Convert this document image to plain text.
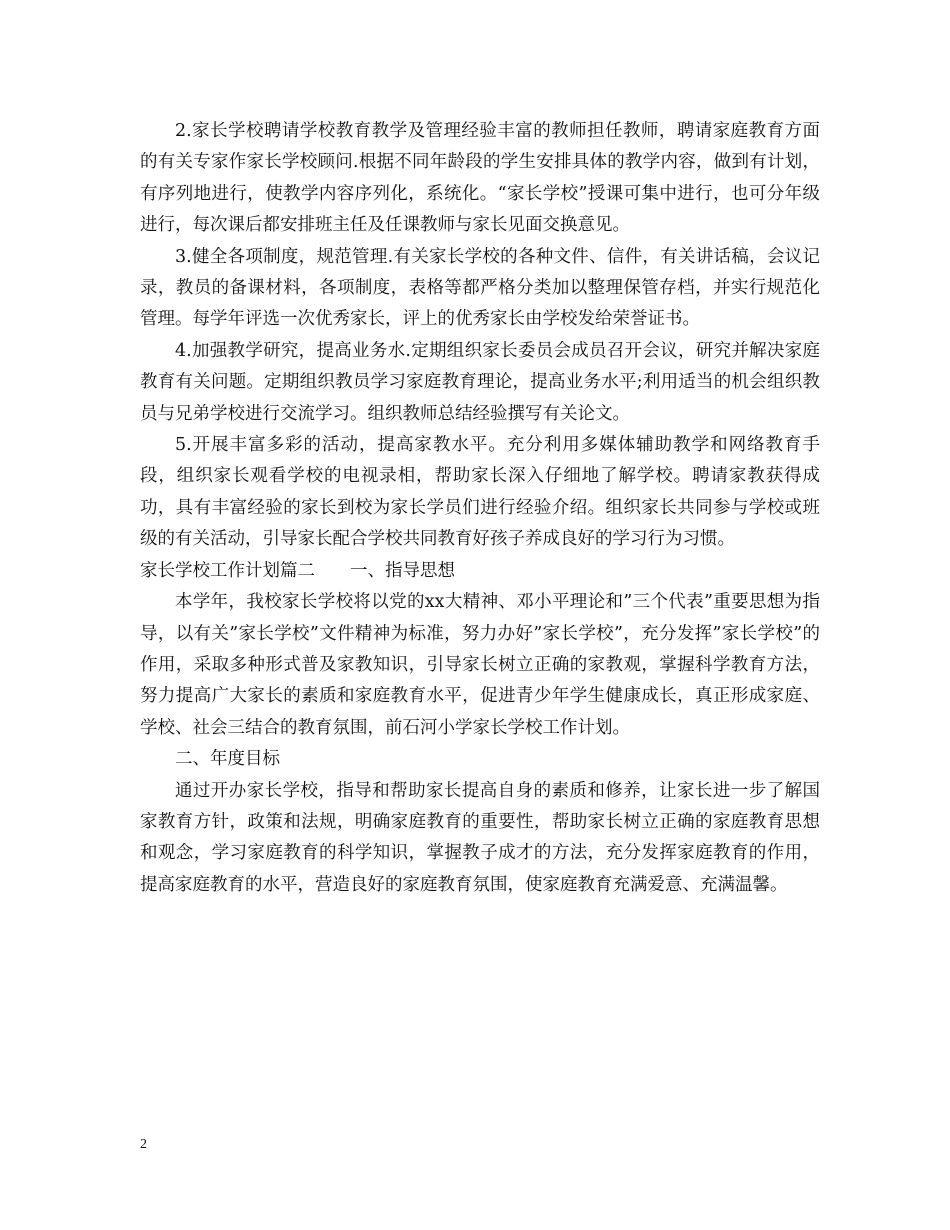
2.家长学校聘请学校教育教学及管理经验丰富的教师担任教师，聘请家庭教育方面的有关专家作家长学校顾问.根据不同年龄段的学生安排具体的教学内容，做到有计划，有序列地进行，使教学内容序列化，系统化。“家长学校”授课可集中进行，也可分年级进行，每次课后都安排班主任及任课教师与家长见面交换意见。

3.健全各项制度，规范管理.有关家长学校的各种文件、信件，有关讲话稿，会议记录，教员的备课材料，各项制度，表格等都严格分类加以整理保管存档，并实行规范化管理。每学年评选一次优秀家长，评上的优秀家长由学校发给荣誉证书。

4.加强教学研究，提高业务水.定期组织家长委员会成员召开会议，研究并解决家庭教育有关问题。定期组织教员学习家庭教育理论，提高业务水平;利用适当的机会组织教员与兄弟学校进行交流学习。组织教师总结经验撰写有关论文。

5.开展丰富多彩的活动，提高家教水平。充分利用多媒体辅助教学和网络教育手段，组织家长观看学校的电视录相，帮助家长深入仔细地了解学校。聘请家教获得成功，具有丰富经验的家长到校为家长学员们进行经验介绍。组织家长共同参与学校或班级的有关活动，引导家长配合学校共同教育好孩子养成良好的学习行为习惯。

家长学校工作计划篇二　　一、指导思想

本学年，我校家长学校将以党的xx大精神、邓小平理论和”三个代表”重要思想为指导，以有关”家长学校”文件精神为标准，努力办好”家长学校”，充分发挥”家长学校”的作用，采取多种形式普及家教知识，引导家长树立正确的家教观，掌握科学教育方法，努力提高广大家长的素质和家庭教育水平，促进青少年学生健康成长，真正形成家庭、学校、社会三结合的教育氛围，前石河小学家长学校工作计划。

二、年度目标

通过开办家长学校，指导和帮助家长提高自身的素质和修养，让家长进一步了解国家教育方针，政策和法规，明确家庭教育的重要性，帮助家长树立正确的家庭教育思想和观念，学习家庭教育的科学知识，掌握教子成才的方法，充分发挥家庭教育的作用，提高家庭教育的水平，营造良好的家庭教育氛围，使家庭教育充满爱意、充满温馨。

2
